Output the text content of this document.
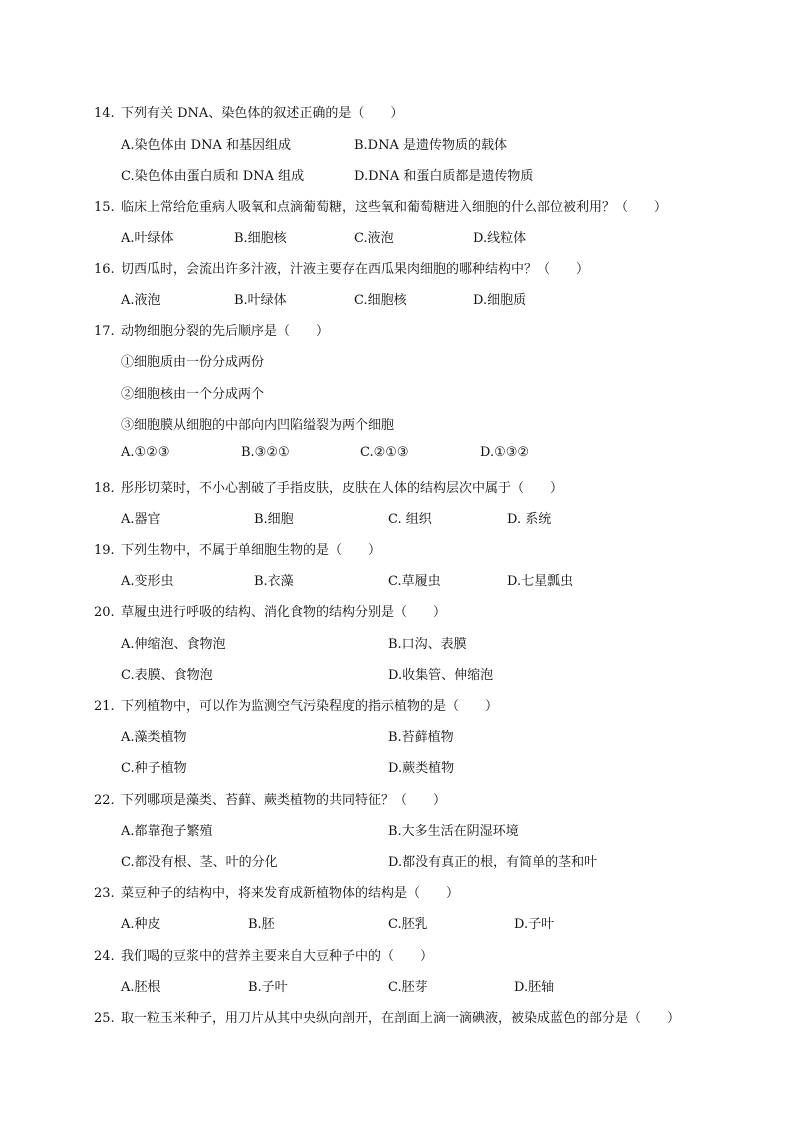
14. 下列有关 DNA、染色体的叙述正确的是（　　）
A.染色体由 DNA 和基因组成	B.DNA 是遗传物质的载体
C.染色体由蛋白质和 DNA 组成	D.DNA 和蛋白质都是遗传物质
15. 临床上常给危重病人吸氧和点滴葡萄糖，这些氧和葡萄糖进入细胞的什么部位被利用？（　　）
A.叶绿体	B.细胞核	C.液泡	D.线粒体
16. 切西瓜时，会流出许多汁液，汁液主要存在西瓜果肉细胞的哪种结构中？（　　）
A.液泡	B.叶绿体	C.细胞核	D.细胞质
17. 动物细胞分裂的先后顺序是（　　）
①细胞质由一份分成两份
②细胞核由一个分成两个
③细胞膜从细胞的中部向内凹陷缢裂为两个细胞
A.①②③	B.③②①	C.②①③	D.①③②
18. 彤彤切菜时，不小心割破了手指皮肤，皮肤在人体的结构层次中属于（　　）
A.器官	B.细胞	C. 组织	D. 系统
19. 下列生物中，不属于单细胞生物的是（　　）
A.变形虫	B.衣藻	C.草履虫	D.七星瓢虫
20. 草履虫进行呼吸的结构、消化食物的结构分别是（　　）
A.伸缩泡、食物泡	B.口沟、表膜
C.表膜、食物泡	D.收集管、伸缩泡
21. 下列植物中，可以作为监测空气污染程度的指示植物的是（　　）
A.藻类植物	B.苔藓植物
C.种子植物	D.蕨类植物
22. 下列哪项是藻类、苔藓、蕨类植物的共同特征？（　　）
A.都靠孢子繁殖	B.大多生活在阴湿环境
C.都没有根、茎、叶的分化	D.都没有真正的根，有简单的茎和叶
23. 菜豆种子的结构中，将来发育成新植物体的结构是（　　）
A.种皮	B.胚	C.胚乳	D.子叶
24. 我们喝的豆浆中的营养主要来自大豆种子中的（　　）
A.胚根	B.子叶	C.胚芽	D.胚轴
25. 取一粒玉米种子，用刀片从其中央纵向剖开，在剖面上滴一滴碘液，被染成蓝色的部分是（　　）
